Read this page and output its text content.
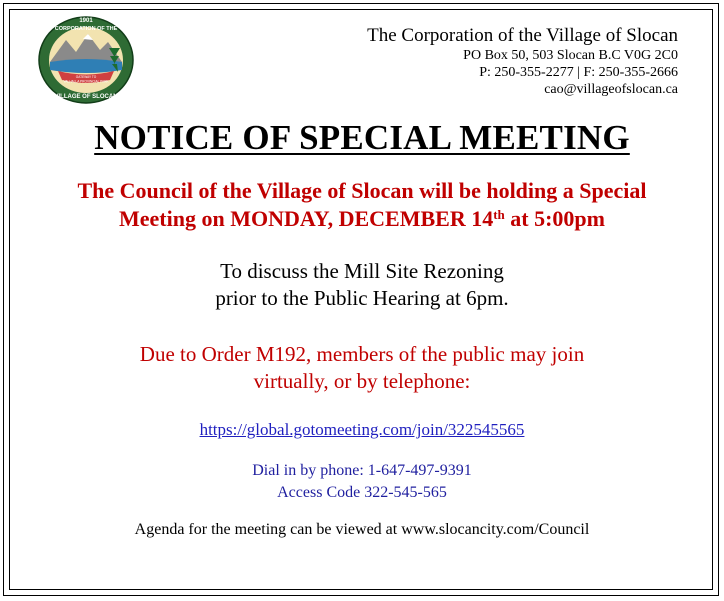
1901
CORPORATION OF THE
GATEWAY TO
VALHALLA PROVINCIAL PARK
VILLAGE OF SLOCAN
The Corporation of the Village of Slocan
PO Box 50, 503 Slocan B.C V0G 2C0
P: 250-355-2277 | F: 250-355-2666
cao@villageofslocan.ca
NOTICE OF SPECIAL MEETING
The Council of the Village of Slocan will be holding a Special
Meeting on MONDAY, DECEMBER 14th at 5:00pm
To discuss the Mill Site Rezoning
prior to the Public Hearing at 6pm.
Due to Order M192, members of the public may join
virtually, or by telephone:
https://global.gotomeeting.com/join/322545565
Dial in by phone: 1-647-497-9391
Access Code 322-545-565
Agenda for the meeting can be viewed at www.slocancity.com/Council
